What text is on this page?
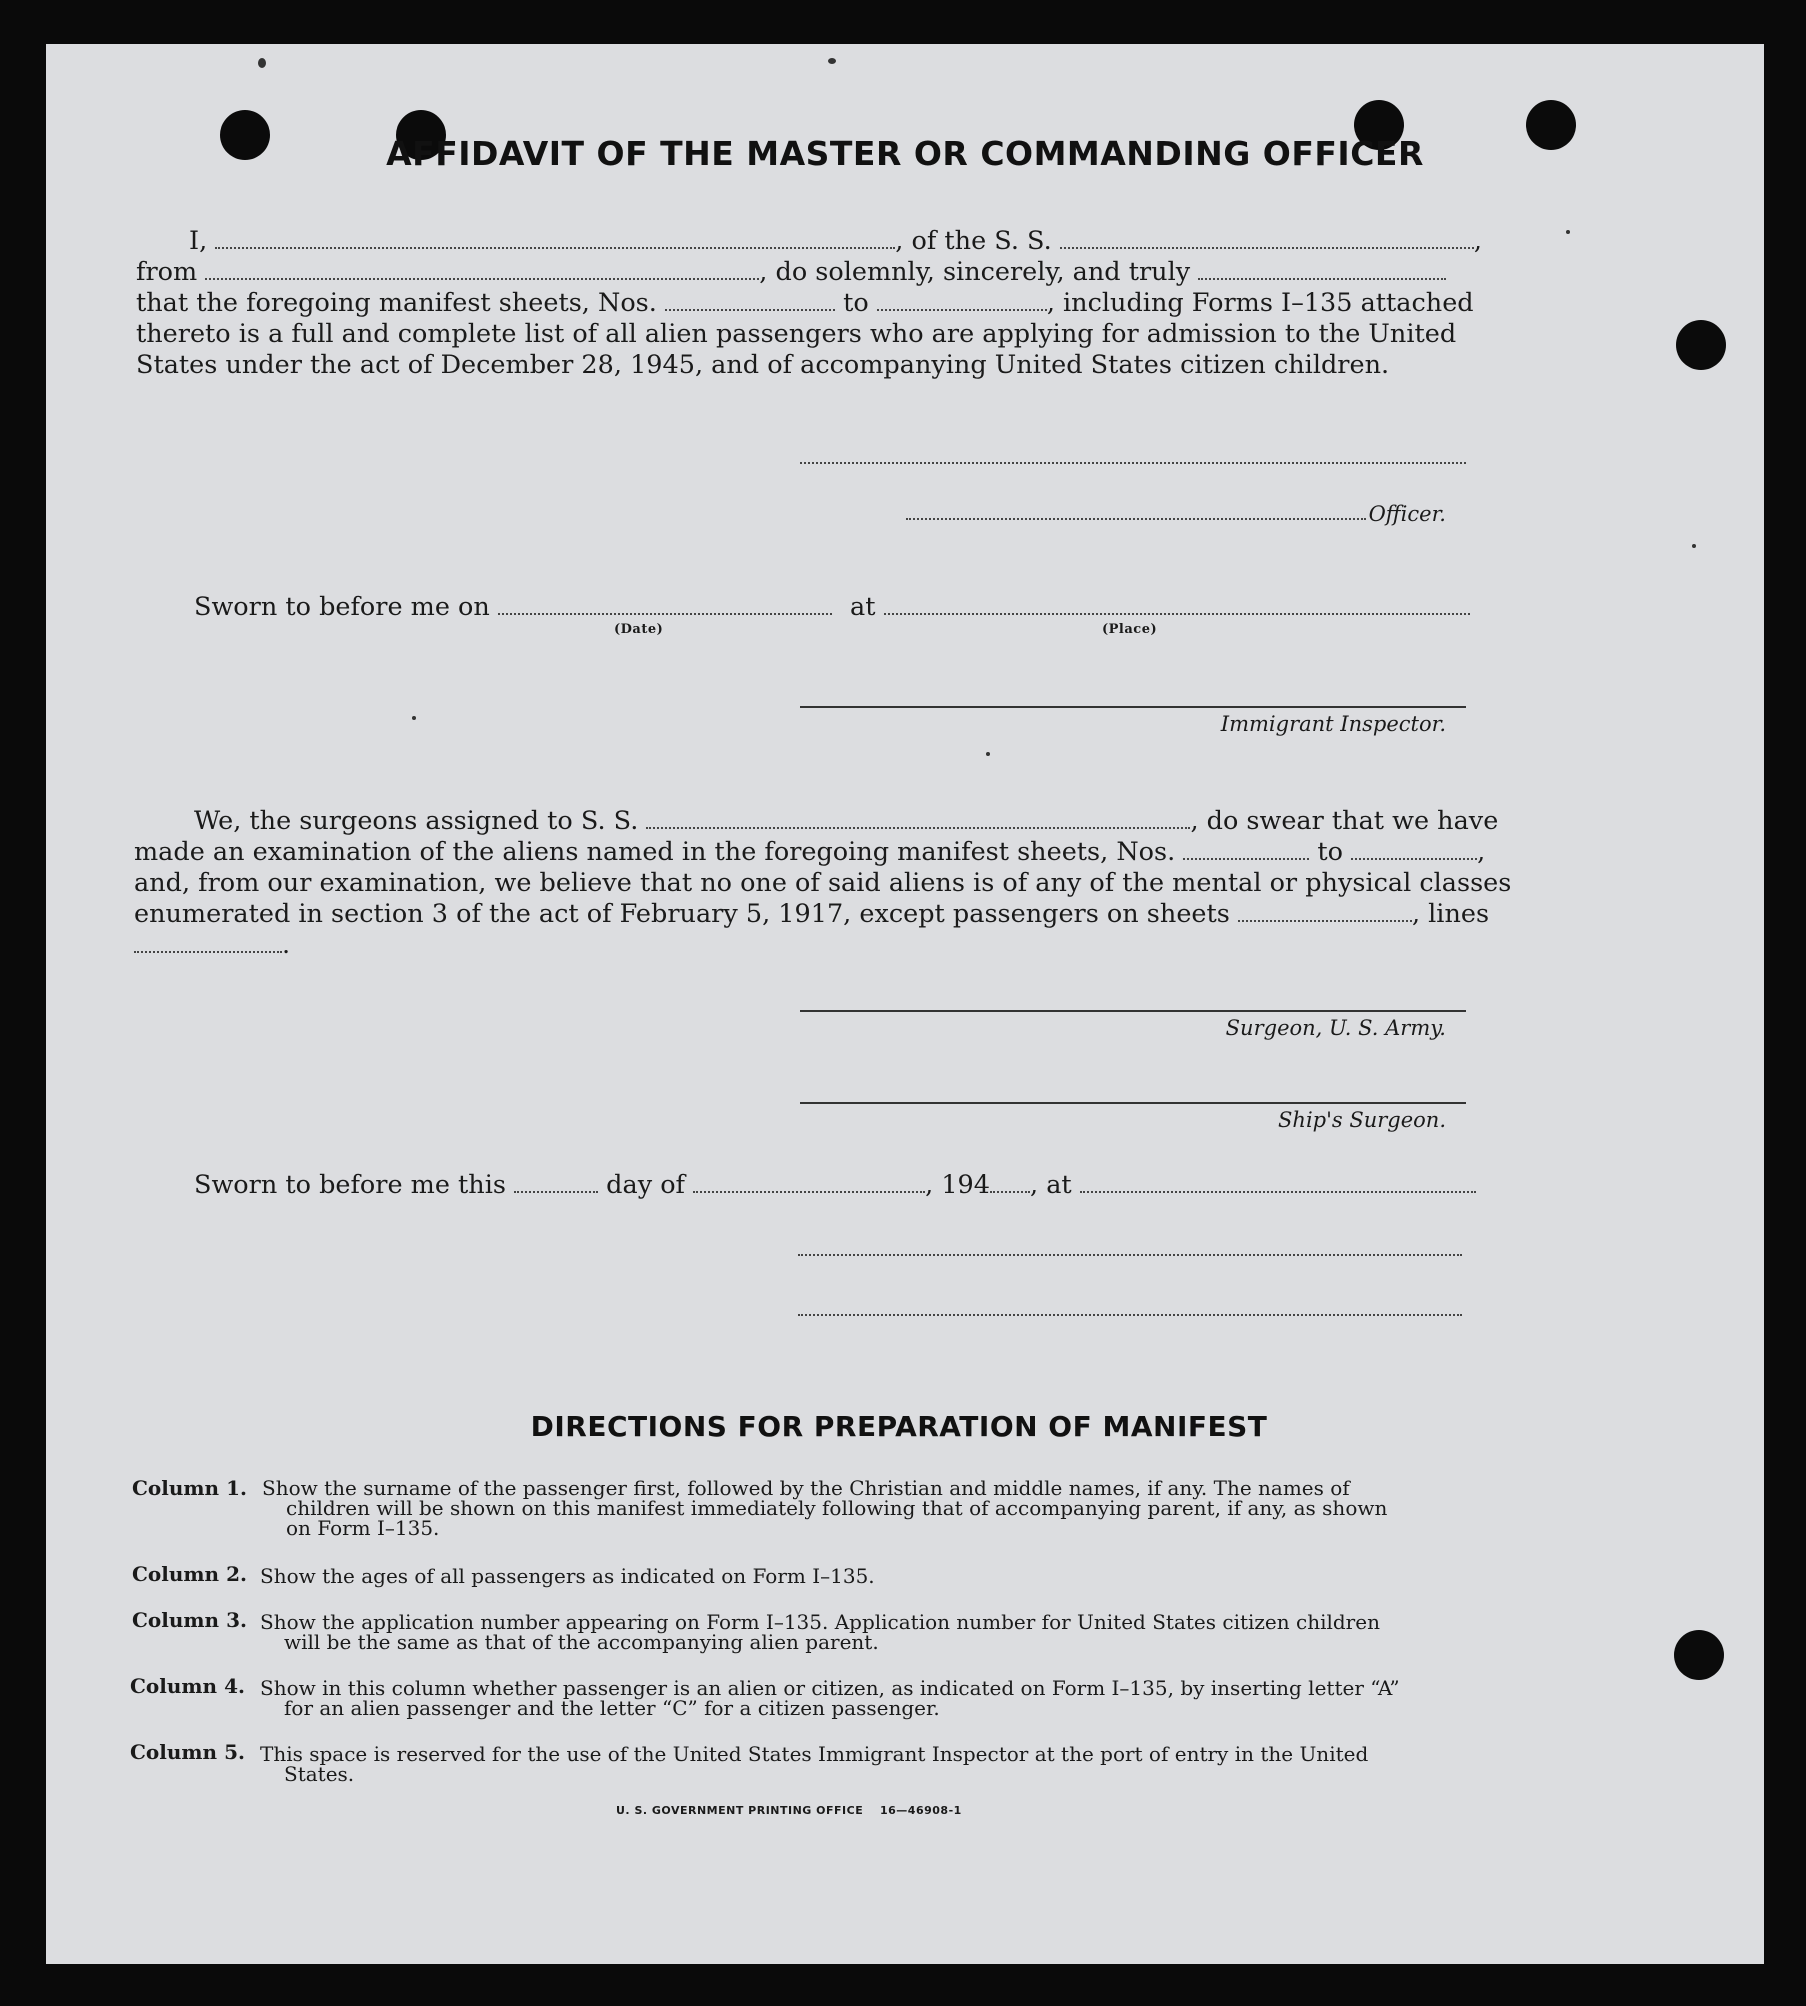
AFFIDAVIT OF THE MASTER OR COMMANDING OFFICER
I,	, of the S. S.	,
from	, do solemnly, sincerely, and truly
that the foregoing manifest sheets, Nos.	to	, including Forms I–135 attached
thereto is a full and complete list of all alien passengers who are applying for admission to the United
States under the act of December 28, 1945, and of accompanying United States citizen children.
Officer.
Sworn to before me on	at
(Date)	(Place)
Immigrant Inspector.
We, the surgeons assigned to S. S.	, do swear that we have
made an examination of the aliens named in the foregoing manifest sheets, Nos.	to	,
and, from our examination, we believe that no one of said aliens is of any of the mental or physical classes
enumerated in section 3 of the act of February 5, 1917, except passengers on sheets	, lines
.
Surgeon, U. S. Army.
Ship's Surgeon.
Sworn to before me this	day of	, 194 , at
DIRECTIONS FOR PREPARATION OF MANIFEST
Column 1. Show the surname of the passenger first, followed by the Christian and middle names, if any. The names of
children will be shown on this manifest immediately following that of accompanying parent, if any, as shown
on Form I–135.
Column 2. Show the ages of all passengers as indicated on Form I–135.
Column 3. Show the application number appearing on Form I–135. Application number for United States citizen children
will be the same as that of the accompanying alien parent.
Column 4. Show in this column whether passenger is an alien or citizen, as indicated on Form I–135, by inserting letter “A”
for an alien passenger and the letter “C” for a citizen passenger.
Column 5. This space is reserved for the use of the United States Immigrant Inspector at the port of entry in the United
States.
U. S. GOVERNMENT PRINTING OFFICE 16—46908-1
